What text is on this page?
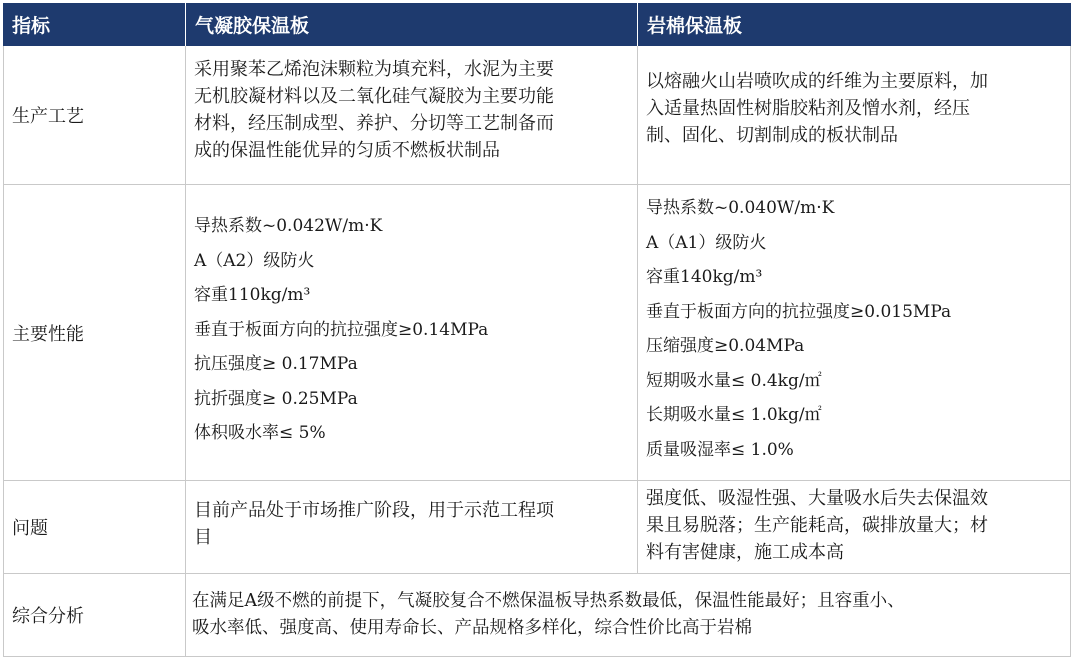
指标	气凝胶保温板	岩棉保温板
生产工艺
采用聚苯乙烯泡沫颗粒为填充料，水泥为主要
无机胶凝材料以及二氧化硅气凝胶为主要功能
材料，经压制成型、养护、分切等工艺制备而
成的保温性能优异的匀质不燃板状制品
以熔融火山岩喷吹成的纤维为主要原料，加
入适量热固性树脂胶粘剂及憎水剂，经压
制、固化、切割制成的板状制品
主要性能
导热系数~0.042W/m·K
A（A2）级防火
容重110kg/m³
垂直于板面方向的抗拉强度≥0.14MPa
抗压强度≥ 0.17MPa
抗折强度≥ 0.25MPa
体积吸水率≤ 5%
导热系数~0.040W/m·K
A（A1）级防火
容重140kg/m³
垂直于板面方向的抗拉强度≥0.015MPa
压缩强度≥0.04MPa
短期吸水量≤ 0.4kg/㎡
长期吸水量≤ 1.0kg/㎡
质量吸湿率≤ 1.0%
问题
目前产品处于市场推广阶段，用于示范工程项
目
强度低、吸湿性强、大量吸水后失去保温效
果且易脱落；生产能耗高，碳排放量大；材
料有害健康，施工成本高
综合分析
在满足A级不燃的前提下，气凝胶复合不燃保温板导热系数最低，保温性能最好；且容重小、
吸水率低、强度高、使用寿命长、产品规格多样化，综合性价比高于岩棉
